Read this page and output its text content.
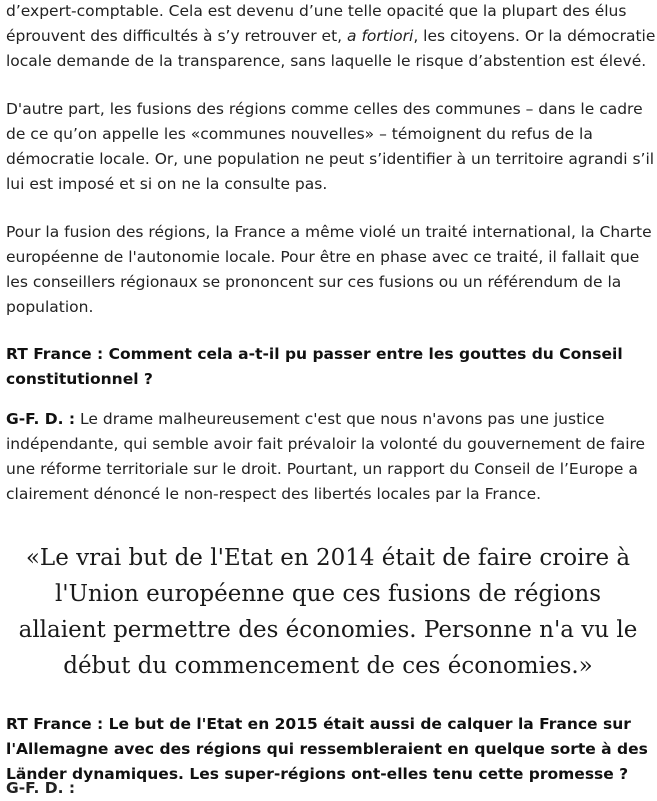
d’expert-comptable. Cela est devenu d’une telle opacité que la plupart des élus éprouvent des difficultés à s’y retrouver et, a fortiori, les citoyens. Or la démocratie locale demande de la transparence, sans laquelle le risque d’abstention est élevé.

D'autre part, les fusions des régions comme celles des communes – dans le cadre de ce qu’on appelle les «communes nouvelles» – témoignent du refus de la démocratie locale. Or, une population ne peut s’identifier à un territoire agrandi s’il lui est imposé et si on ne la consulte pas.

Pour la fusion des régions, la France a même violé un traité international, la Charte européenne de l'autonomie locale. Pour être en phase avec ce traité, il fallait que les conseillers régionaux se prononcent sur ces fusions ou un référendum de la population.

RT France : Comment cela a-t-il pu passer entre les gouttes du Conseil constitutionnel ?

G-F. D. : Le drame malheureusement c'est que nous n'avons pas une justice indépendante, qui semble avoir fait prévaloir la volonté du gouvernement de faire une réforme territoriale sur le droit. Pourtant, un rapport du Conseil de l’Europe a clairement dénoncé le non-respect des libertés locales par la France.

«Le vrai but de l'Etat en 2014 était de faire croire à l'Union européenne que ces fusions de régions allaient permettre des économies. Personne n'a vu le début du commencement de ces économies.»

RT France : Le but de l'Etat en 2015 était aussi de calquer la France sur l'Allemagne avec des régions qui ressembleraient en quelque sorte à des Länder dynamiques. Les super-régions ont-elles tenu cette promesse ?

G-F. D. :
